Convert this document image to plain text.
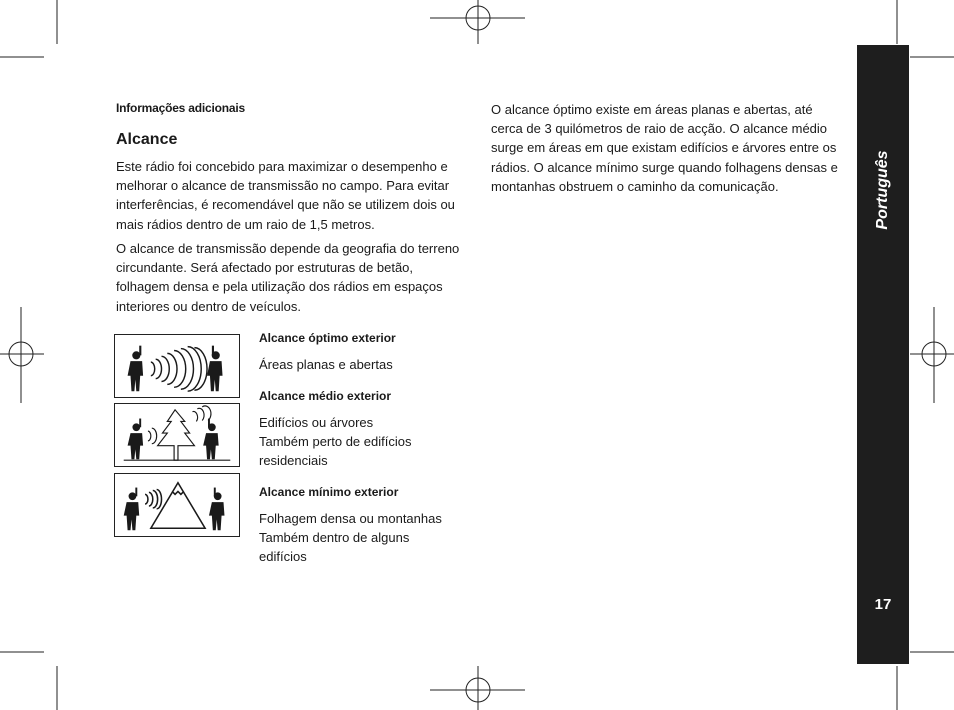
Informações adicionais
Alcance

Este rádio foi concebido para maximizar o desempenho e melhorar o alcance de transmissão no campo. Para evitar interferências, é recomendável que não se utilizem dois ou mais rádios dentro de um raio de 1,5 metros.

O alcance de transmissão depende da geografia do terreno circundante. Será afectado por estruturas de betão, folhagem densa e pela utilização dos rádios em espaços interiores ou dentro de veículos.

O alcance óptimo existe em áreas planas e abertas, até cerca de 3 quilómetros de raio de acção. O alcance médio surge em áreas em que existam edifícios e árvores entre os rádios. O alcance mínimo surge quando folhagens densas e montanhas obstruem o caminho da comunicação.

Alcance óptimo exterior

Áreas planas e abertas

Alcance médio exterior

Edifícios ou árvores
Também perto de edifícios residenciais

Alcance mínimo exterior

Folhagem densa ou montanhas
Também dentro de alguns edifícios

Português
17
